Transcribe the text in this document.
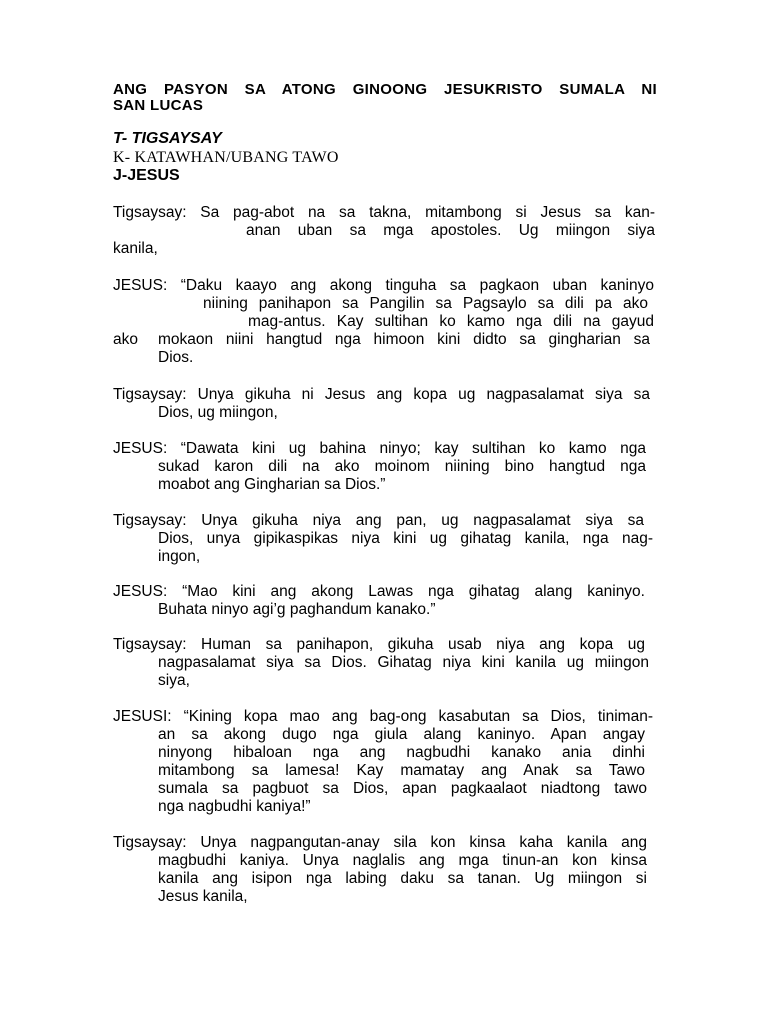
ANG PASYON SA ATONG GINOONG JESUKRISTO SUMALA NI
SAN LUCAS
T- TIGSAYSAY
K- KATAWHAN/UBANG TAWO
J-JESUS
Tigsaysay: Sa pag-abot na sa takna, mitambong si Jesus sa kan-
anan uban sa mga apostoles. Ug miingon siya
kanila,
JESUS: “Daku kaayo ang akong tinguha sa pagkaon uban kaninyo
niining panihapon sa Pangilin sa Pagsaylo sa dili pa ako
mag-antus. Kay sultihan ko kamo nga dili na gayud
ako mokaon niini hangtud nga himoon kini didto sa gingharian sa
Dios.
Tigsaysay: Unya gikuha ni Jesus ang kopa ug nagpasalamat siya sa
Dios, ug miingon,
JESUS: “Dawata kini ug bahina ninyo; kay sultihan ko kamo nga
sukad karon dili na ako moinom niining bino hangtud nga
moabot ang Gingharian sa Dios.”
Tigsaysay: Unya gikuha niya ang pan, ug nagpasalamat siya sa
Dios, unya gipikaspikas niya kini ug gihatag kanila, nga nag-
ingon,
JESUS: “Mao kini ang akong Lawas nga gihatag alang kaninyo.
Buhata ninyo agi’g paghandum kanako.”
Tigsaysay: Human sa panihapon, gikuha usab niya ang kopa ug
nagpasalamat siya sa Dios. Gihatag niya kini kanila ug miingon
siya,
JESUSI: “Kining kopa mao ang bag-ong kasabutan sa Dios, tiniman-
an sa akong dugo nga giula alang kaninyo. Apan angay
ninyong hibaloan nga ang nagbudhi kanako ania dinhi
mitambong sa lamesa! Kay mamatay ang Anak sa Tawo
sumala sa pagbuot sa Dios, apan pagkaalaot niadtong tawo
nga nagbudhi kaniya!”
Tigsaysay: Unya nagpangutan-anay sila kon kinsa kaha kanila ang
magbudhi kaniya. Unya naglalis ang mga tinun-an kon kinsa
kanila ang isipon nga labing daku sa tanan. Ug miingon si
Jesus kanila,
